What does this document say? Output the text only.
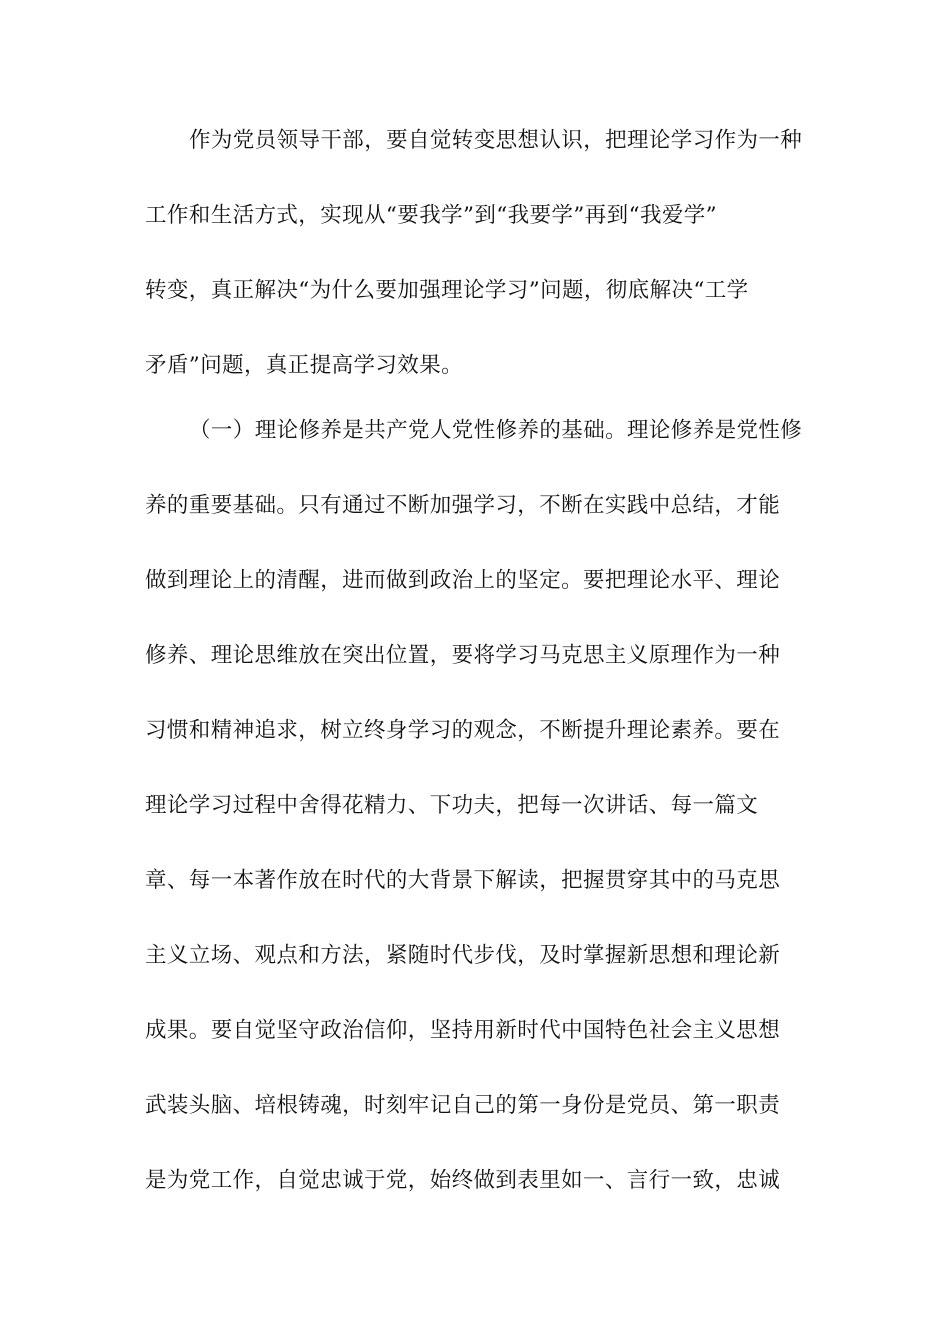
作为党员领导干部，要自觉转变思想认识，把理论学习作为一种
工作和生活方式，实现从“要我学”到“我要学”再到“我爱学”
转变，真正解决“为什么要加强理论学习”问题，彻底解决“工学
矛盾”问题，真正提高学习效果。
（一）理论修养是共产党人党性修养的基础。理论修养是党性修
养的重要基础。只有通过不断加强学习，不断在实践中总结，才能
做到理论上的清醒，进而做到政治上的坚定。要把理论水平、理论
修养、理论思维放在突出位置，要将学习马克思主义原理作为一种
习惯和精神追求，树立终身学习的观念，不断提升理论素养。要在
理论学习过程中舍得花精力、下功夫，把每一次讲话、每一篇文
章、每一本著作放在时代的大背景下解读，把握贯穿其中的马克思
主义立场、观点和方法，紧随时代步伐，及时掌握新思想和理论新
成果。要自觉坚守政治信仰，坚持用新时代中国特色社会主义思想
武装头脑、培根铸魂，时刻牢记自己的第一身份是党员、第一职责
是为党工作，自觉忠诚于党，始终做到表里如一、言行一致，忠诚
